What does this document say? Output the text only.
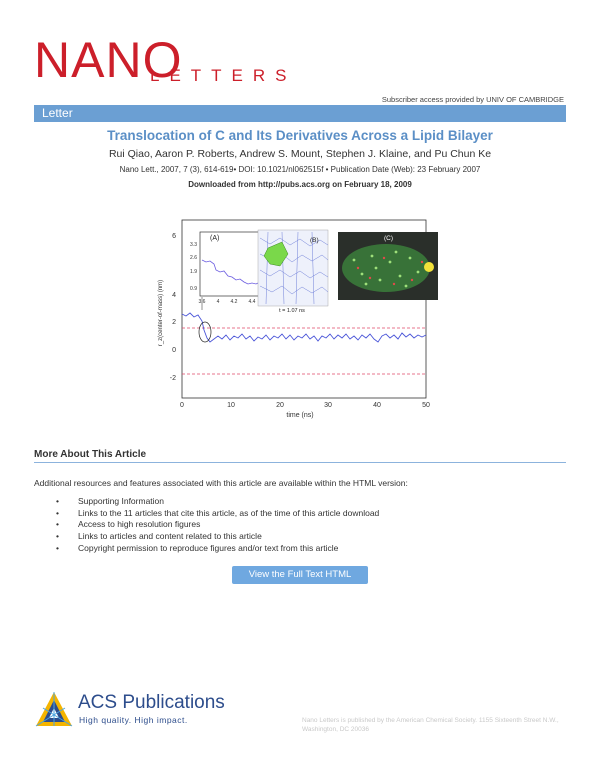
NANO
LETTERS
Subscriber access provided by UNIV OF CAMBRIDGE
Letter
Translocation of C and Its Derivatives Across a Lipid Bilayer
Rui Qiao, Aaron P. Roberts, Andrew S. Mount, Stephen J. Klaine, and Pu Chun Ke
Nano Lett., 2007, 7 (3), 614-619• DOI: 10.1021/nl062515f • Publication Date (Web): 23 February 2007
Downloaded from http://pubs.acs.org on February 18, 2009
6
4
2
0
-2
0	10	20	30	40	50
time (ns)
r_z(center-of-mass) (nm)
(A)
3.3
2.6
1.9
0.9
3.6 4 4.2 4.4
(B)
t = 1.07 ns
(C)
More About This Article
Additional resources and features associated with this article are available within the HTML version:
• Supporting Information
• Links to the 11 articles that cite this article, as of the time of this article download
• Access to high resolution figures
• Links to articles and content related to this article
• Copyright permission to reproduce figures and/or text from this article
View the Full Text HTML
ACS Publications
High quality. High impact.	Nano Letters is published by the American Chemical Society. 1155 Sixteenth Street N.W., Washington, DC 20036
